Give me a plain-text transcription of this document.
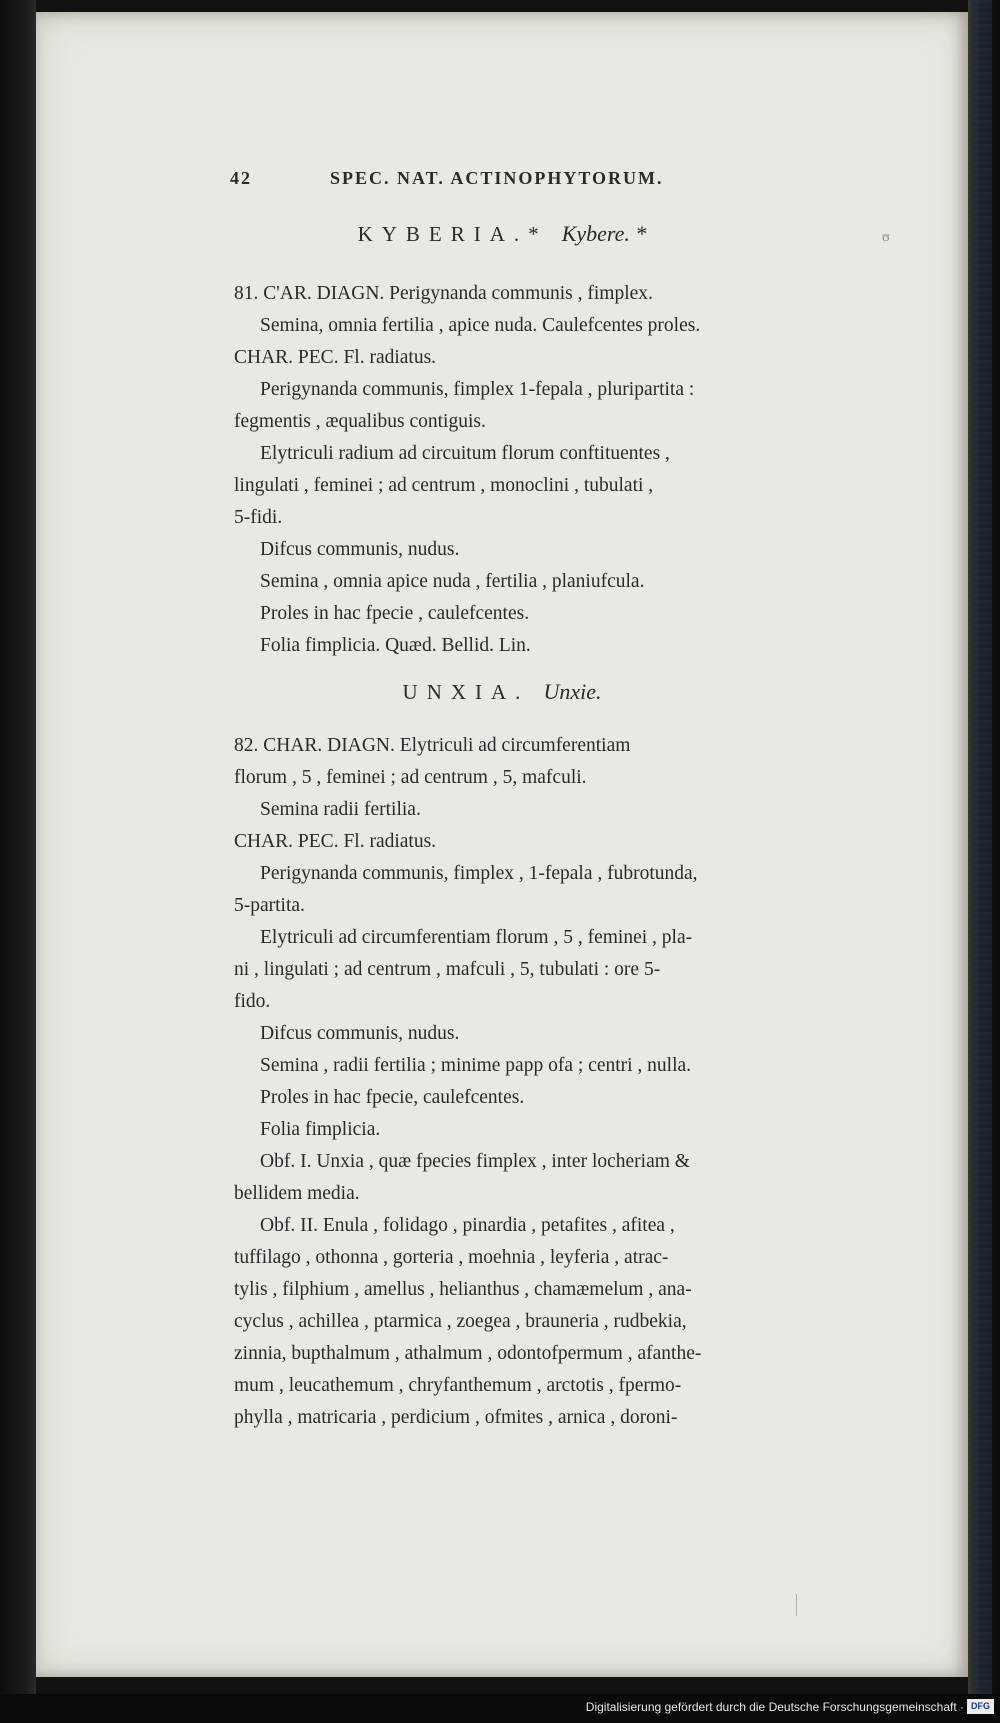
42	SPEC. NAT. ACTINOPHYTORUM.
ʊ
KYBERIA.* Kybere. *
81. C'AR. DIAGN. Perigynanda communis , fimplex.
Semina, omnia fertilia , apice nuda. Caulefcentes proles.
CHAR. PEC. Fl. radiatus.
Perigynanda communis, fimplex 1-fepala , pluripartita :
fegmentis , æqualibus contiguis.
Elytriculi radium ad circuitum florum conftituentes ,
lingulati , feminei ; ad centrum , monoclini , tubulati ,
5-fidi.
Difcus communis, nudus.
Semina , omnia apice nuda , fertilia , planiufcula.
Proles in hac fpecie , caulefcentes.
Folia fimplicia. Quæd. Bellid. Lin.
UNXIA. Unxie.
82. CHAR. DIAGN. Elytriculi ad circumferentiam
florum , 5 , feminei ; ad centrum , 5, mafculi.
Semina radii fertilia.
CHAR. PEC. Fl. radiatus.
Perigynanda communis, fimplex , 1-fepala , fubrotunda,
5-partita.
Elytriculi ad circumferentiam florum , 5 , feminei , pla-
ni , lingulati ; ad centrum , mafculi , 5, tubulati : ore 5-
fido.
Difcus communis, nudus.
Semina , radii fertilia ; minime papp ofa ; centri , nulla.
Proles in hac fpecie, caulefcentes.
Folia fimplicia.
Obf. I. Unxia , quæ fpecies fimplex , inter locheriam &
bellidem media.
Obf. II. Enula , folidago , pinardia , petafites , afitea ,
tuffilago , othonna , gorteria , moehnia , leyferia , atrac-
tylis , filphium , amellus , helianthus , chamæmelum , ana-
cyclus , achillea , ptarmica , zoegea , brauneria , rudbekia,
zinnia, bupthalmum , athalmum , odontofpermum , afanthe-
mum , leucathemum , chryfanthemum , arctotis , fpermo-
phylla , matricaria , perdicium , ofmites , arnica , doroni-
Digitalisierung gefördert durch die Deutsche Forschungsgemeinschaft · DFG
